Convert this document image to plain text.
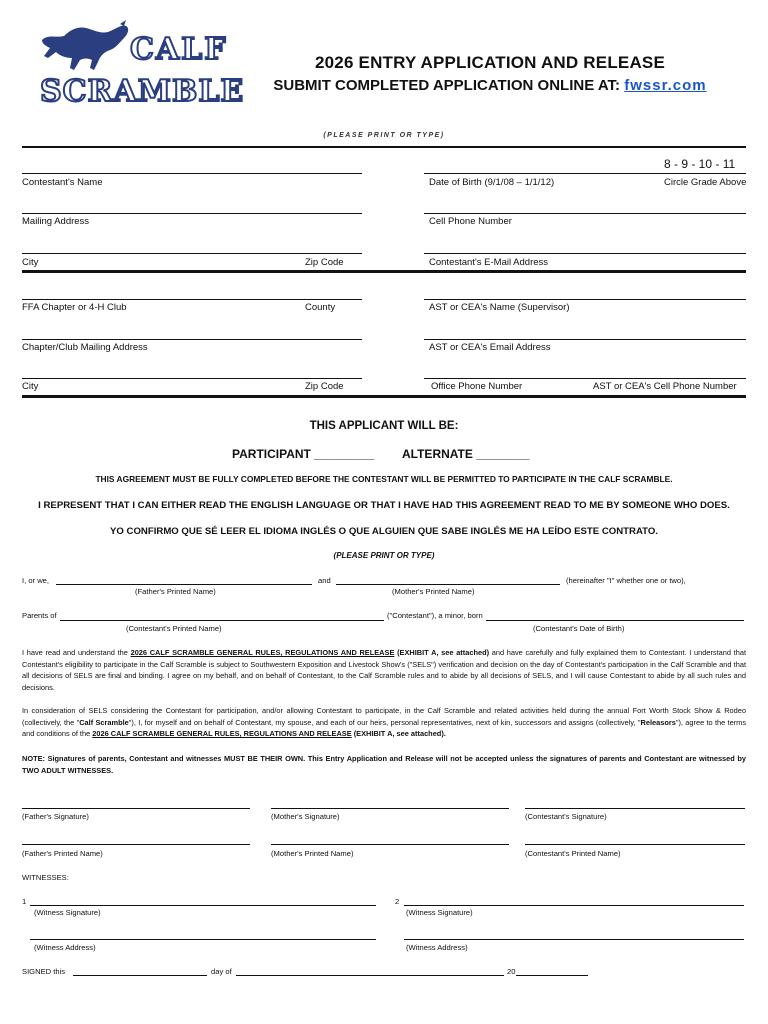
CALF
SCRAMBLE
2026 ENTRY APPLICATION AND RELEASE
SUBMIT COMPLETED APPLICATION ONLINE AT: fwssr.com
(PLEASE PRINT OR TYPE)
8 - 9 - 10 - 11
Contestant's Name	Date of Birth (9/1/08 – 1/1/12)	Circle Grade Above
Mailing Address	Cell Phone Number
City	Zip Code	Contestant's E-Mail Address
FFA Chapter or 4-H Club	County	AST or CEA's Name (Supervisor)
Chapter/Club Mailing Address	AST or CEA's Email Address
City	Zip Code	Office Phone Number	AST or CEA's Cell Phone Number
THIS APPLICANT WILL BE:
PARTICIPANT _________ ALTERNATE ________
THIS AGREEMENT MUST BE FULLY COMPLETED BEFORE THE CONTESTANT WILL BE PERMITTED TO PARTICIPATE IN THE CALF SCRAMBLE.
I REPRESENT THAT I CAN EITHER READ THE ENGLISH LANGUAGE OR THAT I HAVE HAD THIS AGREEMENT READ TO ME BY SOMEONE WHO DOES.
YO CONFIRMO QUE SÉ LEER EL IDIOMA INGLÉS O QUE ALGUIEN QUE SABE INGLÉS ME HA LEÍDO ESTE CONTRATO.
(PLEASE PRINT OR TYPE)
I, or we,	and	(hereinafter "I" whether one or two),
(Father's Printed Name)	(Mother's Printed Name)
Parents of	("Contestant"), a minor, born
(Contestant's Printed Name)	(Contestant's Date of Birth)
I have read and understand the 2026 CALF SCRAMBLE GENERAL RULES, REGULATIONS AND RELEASE (EXHIBIT A, see attached) and have carefully and fully explained them to Contestant. I understand that Contestant's eligibility to participate in the Calf Scramble is subject to Southwestern Exposition and Livestock Show's ("SELS") verification and decision on the day of Contestant's participation in the Calf Scramble and that all decisions of SELS are final and binding. I agree on my behalf, and on behalf of Contestant, to the Calf Scramble rules and to abide by all decisions of SELS, and I will cause Contestant to abide by all such rules and decisions.
In consideration of SELS considering the Contestant for participation, and/or allowing Contestant to participate, in the Calf Scramble and related activities held during the annual Fort Worth Stock Show & Rodeo (collectively, the "Calf Scramble"), I, for myself and on behalf of Contestant, my spouse, and each of our heirs, personal representatives, next of kin, successors and assigns (collectively, "Releasors"), agree to the terms and conditions of the 2026 CALF SCRAMBLE GENERAL RULES, REGULATIONS AND RELEASE (EXHIBIT A, see attached).
NOTE: Signatures of parents, Contestant and witnesses MUST BE THEIR OWN. This Entry Application and Release will not be accepted unless the signatures of parents and Contestant are witnessed by TWO ADULT WITNESSES.
(Father's Signature)	(Mother's Signature)	(Contestant's Signature)
(Father's Printed Name)	(Mother's Printed Name)	(Contestant's Printed Name)
WITNESSES:
1	2
(Witness Signature)	(Witness Signature)
(Witness Address)	(Witness Address)
SIGNED this	day of	20
